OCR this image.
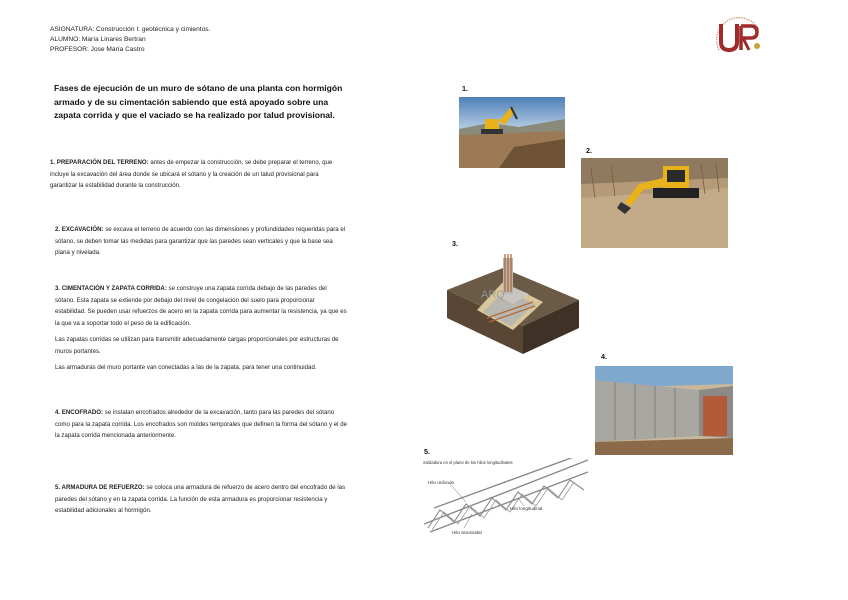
ASIGNATURA: Construcción I: geotécnica y cimientos.
ALUMNO: María Linares Bertran
PROFESOR: Jose María Castro
Fases de ejecución de un muro de sótano de una planta con hormigón armado y de su cimentación sabiendo que está apoyado sobre una zapata corrida y que el vaciado se ha realizado por talud provisional.

1. PREPARACIÓN DEL TERRENO: antes de empezar la construcción, se debe preparar el terreno, que incluye la excavación del área donde se ubicará el sótano y la creación de un talud provisional para garantizar la estabilidad durante la construcción.

2. EXCAVACIÓN: se excava el terreno de acuerdo con las dimensiones y profundidades requeridas para el sótano, se deben tomar las medidas para garantizar que las paredes sean verticales y que la base sea plana y nivelada.

3. CIMENTACIÓN Y ZAPATA CORRIDA: se construye una zapata corrida debajo de las paredes del sótano. Esta zapata se extiende por debajo del nivel de congelación del suelo para proporcionar estabilidad. Se pueden usar refuerzos de acero en la zapata corrida para aumentar la resistencia, ya que es la que va a soportar todo el peso de la edificación.

Las zapatas corridas se utilizan para transmitir adecuadamente cargas proporcionales por estructuras de muros portantes.

Las armaduras del muro portante van conectadas a las de la zapata, para tener una continuidad.

4. ENCOFRADO: se instalan encofrados alrededor de la excavación, tanto para las paredes del sótano como para la zapata corrida. Los encofrados son moldes temporales que definen la forma del sótano y el de la zapata corrida mencionada anteriormente.

5. ARMADURA DE REFUERZO: se coloca una armadura de refuerzo de acero dentro del encofrado de las paredes del sótano y en la zapata corrida. La función de esta armadura es proporcionar resistencia y estabilidad adicionales al hormigón.

1.
2.
3.
ARQ
4.
5.
Soldadura en el plano de los hilos longitudinales
Hilo redondo
Hilo longitudinal
Hilo sinusoidal
